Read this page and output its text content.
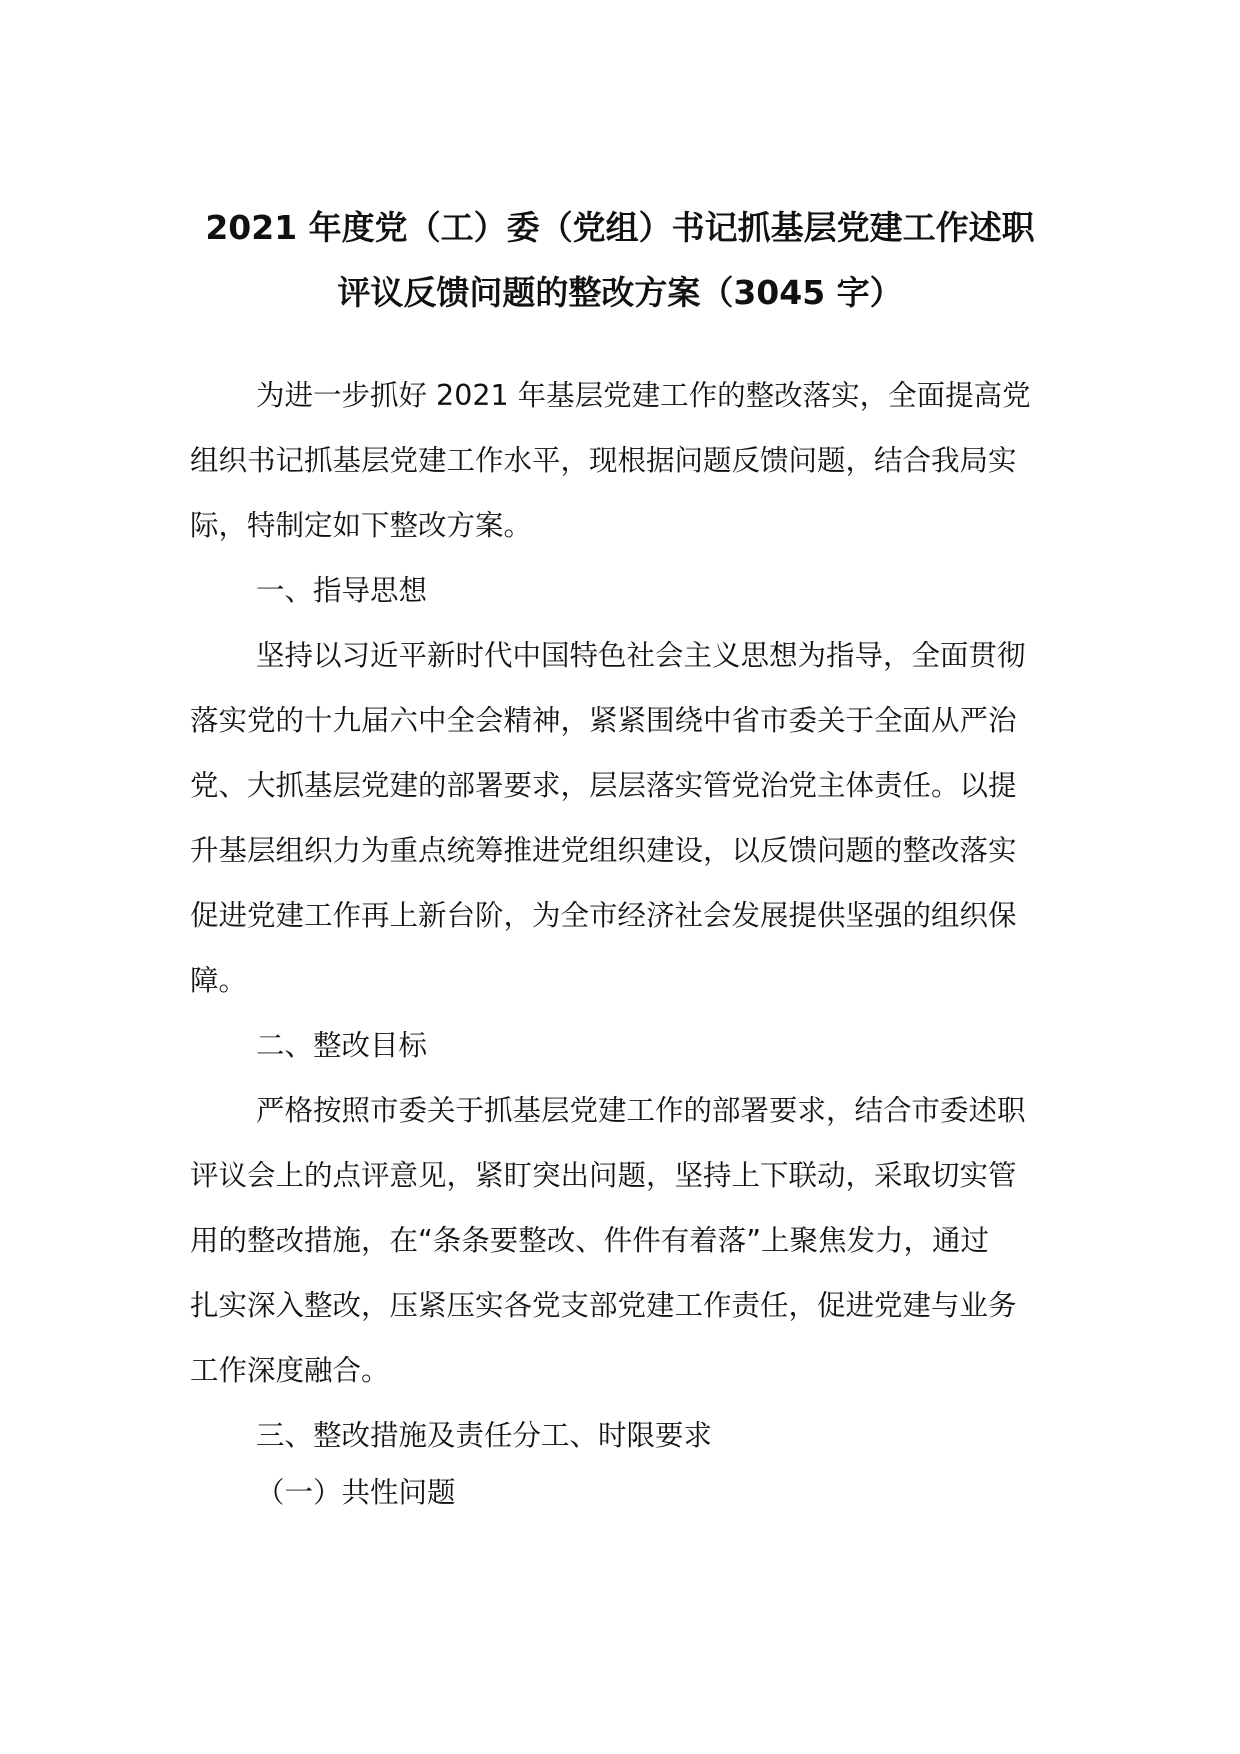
2021 年度党（工）委（党组）书记抓基层党建工作述职
评议反馈问题的整改方案（3045 字）
为进一步抓好 2021 年基层党建工作的整改落实，全面提高党
组织书记抓基层党建工作水平，现根据问题反馈问题，结合我局实
际，特制定如下整改方案。
一、指导思想
坚持以习近平新时代中国特色社会主义思想为指导，全面贯彻
落实党的十九届六中全会精神，紧紧围绕中省市委关于全面从严治
党、大抓基层党建的部署要求，层层落实管党治党主体责任。以提
升基层组织力为重点统筹推进党组织建设，以反馈问题的整改落实
促进党建工作再上新台阶，为全市经济社会发展提供坚强的组织保
障。
二、整改目标
严格按照市委关于抓基层党建工作的部署要求，结合市委述职
评议会上的点评意见，紧盯突出问题，坚持上下联动，采取切实管
用的整改措施，在“条条要整改、件件有着落”上聚焦发力，通过
扎实深入整改，压紧压实各党支部党建工作责任，促进党建与业务
工作深度融合。
三、整改措施及责任分工、时限要求
（一）共性问题
